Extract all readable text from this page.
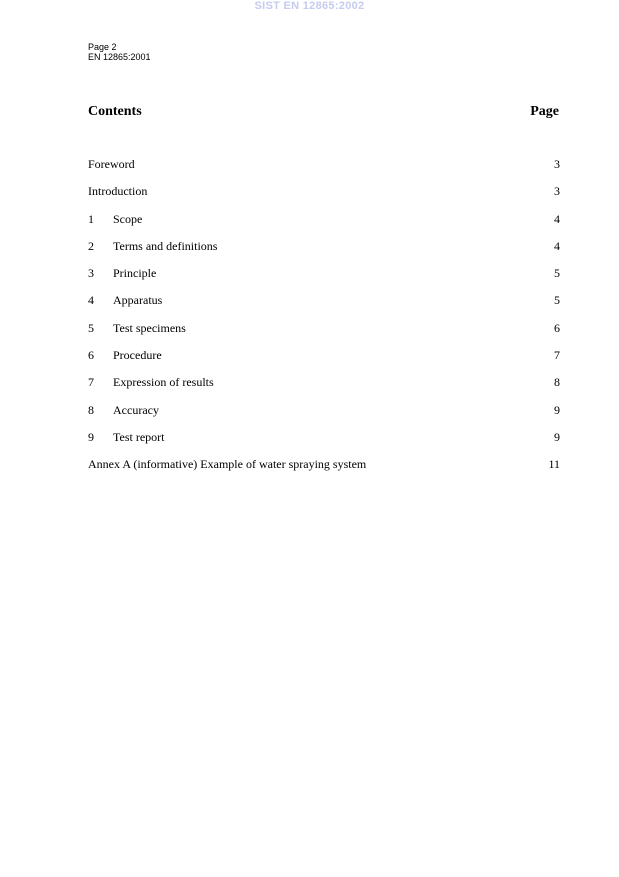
SIST EN 12865:2002
Page 2
EN 12865:2001
Contents	Page
Foreword	3
Introduction	3
1 Scope	4
2 Terms and definitions	4
3 Principle	5
4 Apparatus	5
5 Test specimens	6
6 Procedure	7
7 Expression of results	8
8 Accuracy	9
9 Test report	9
Annex A (informative) Example of water spraying system	11
